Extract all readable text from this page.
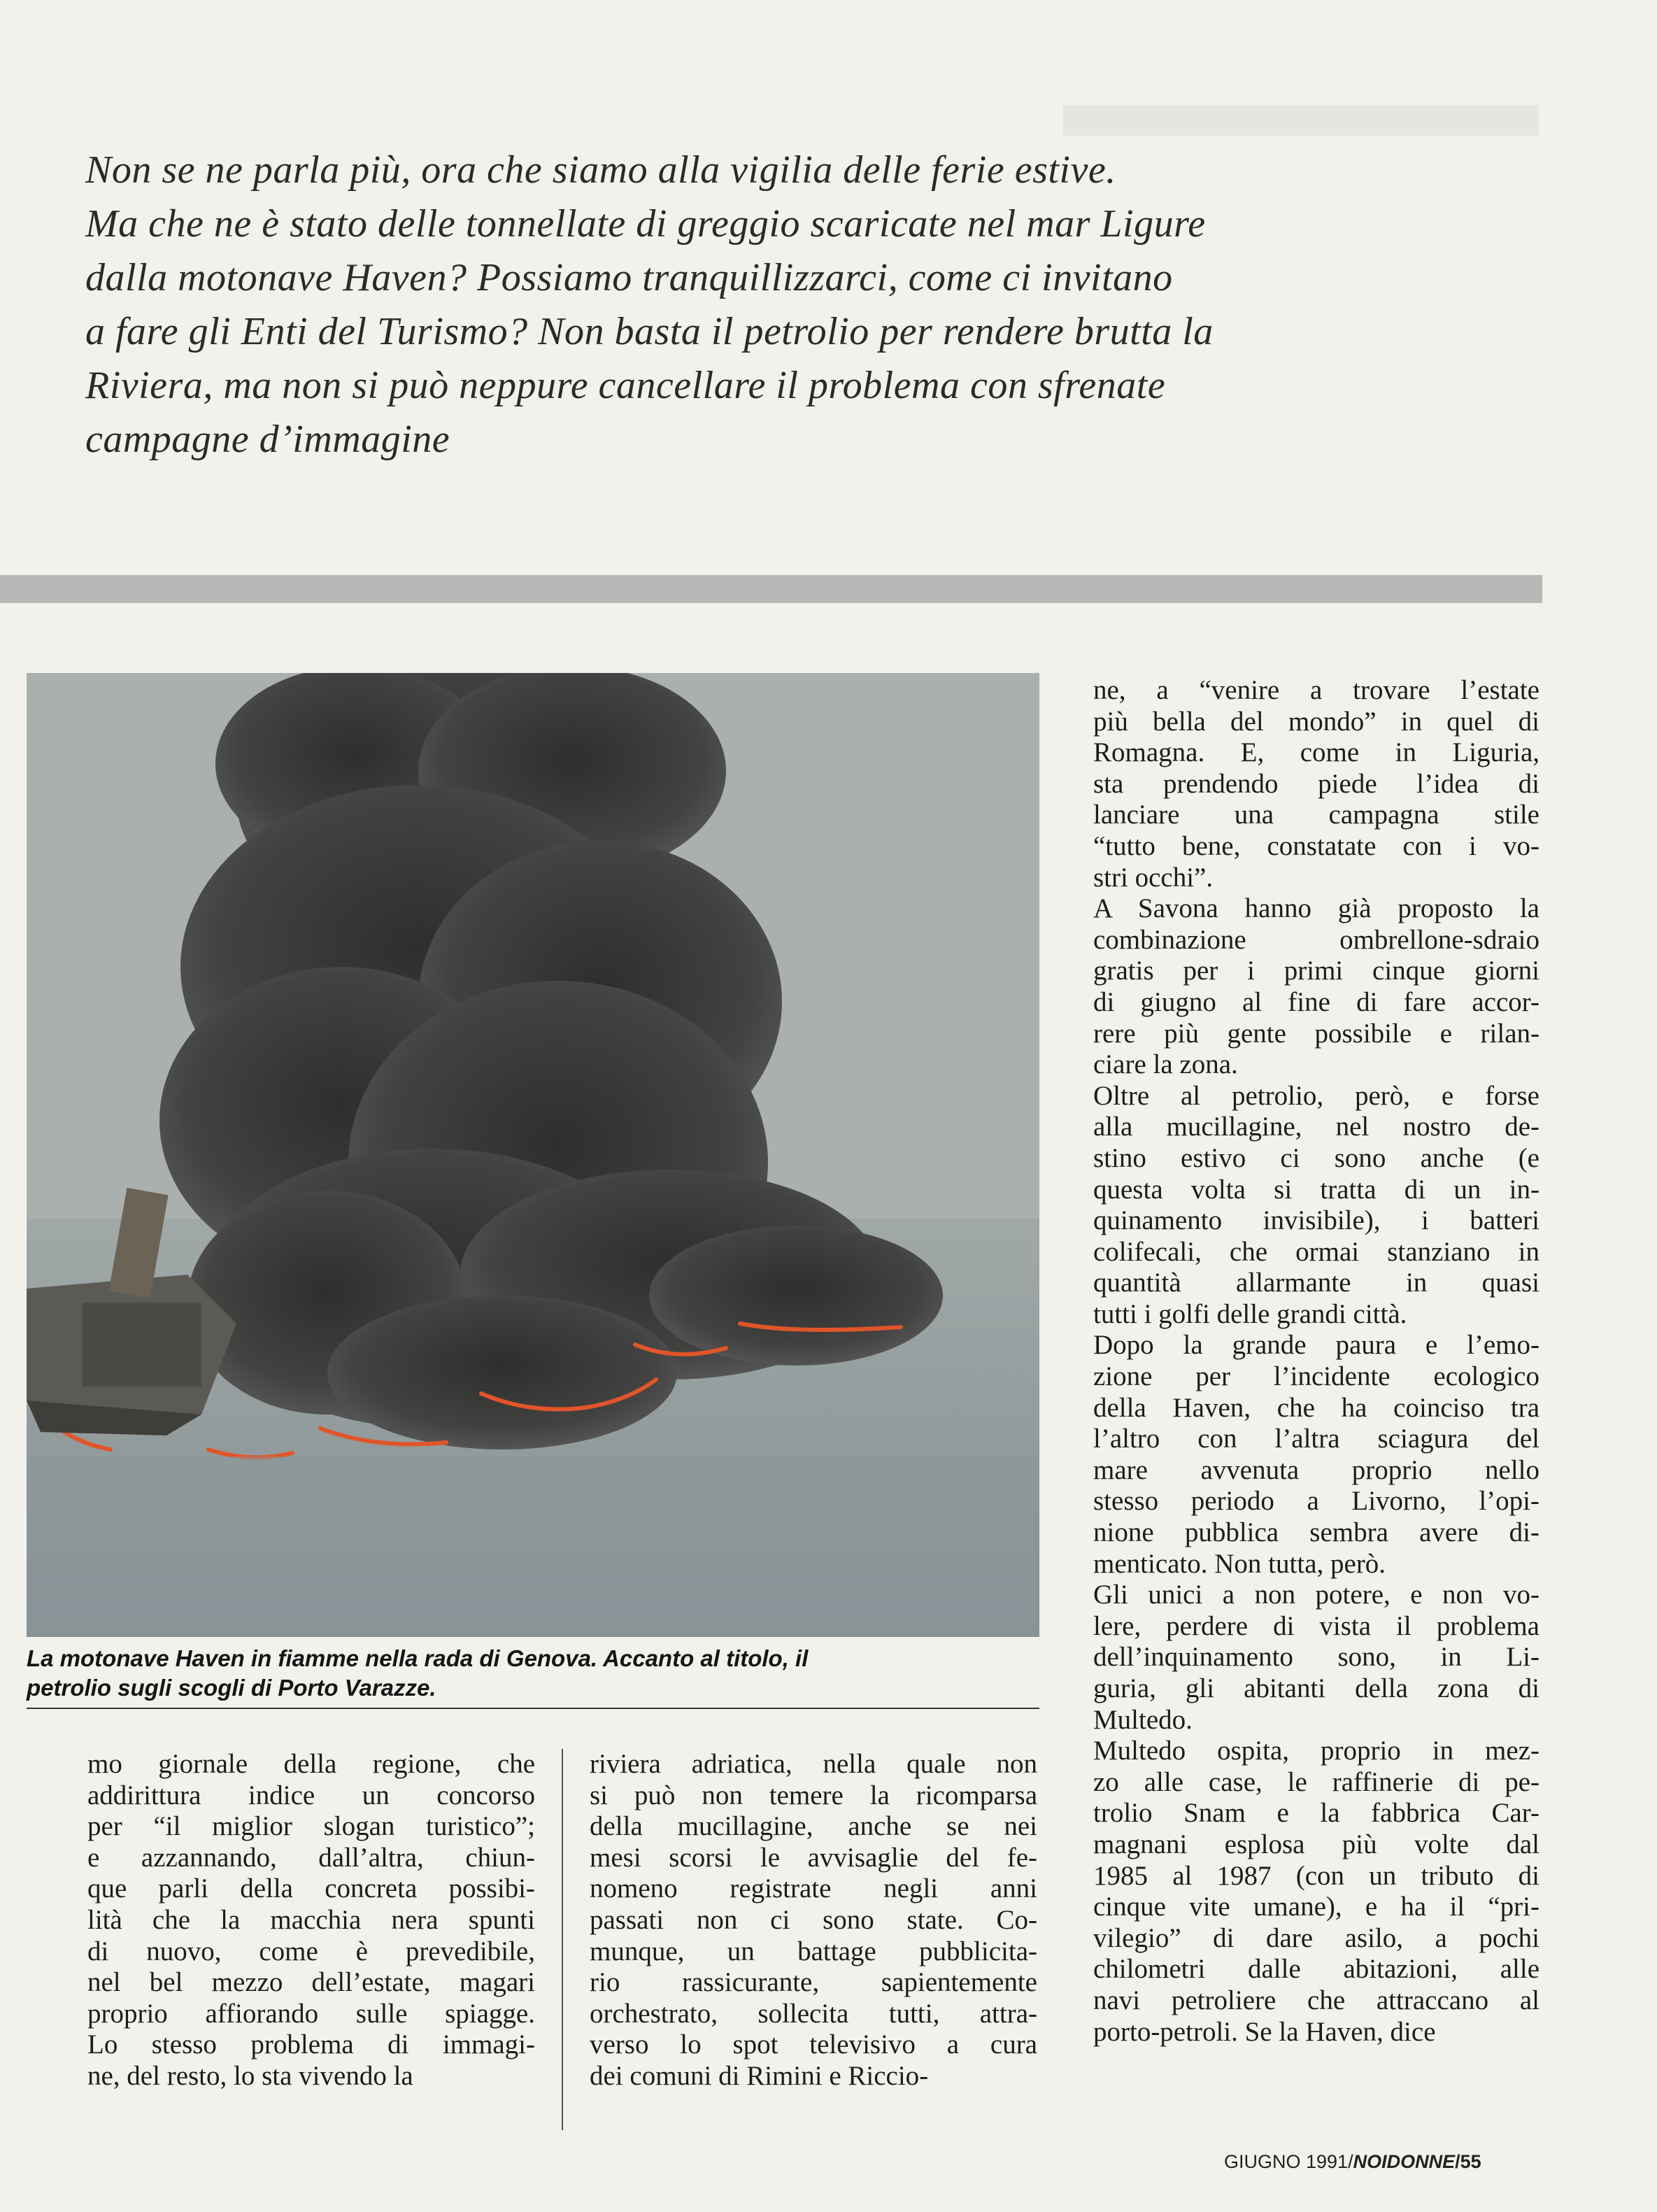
Non se ne parla più, ora che siamo alla vigilia delle ferie estive.
Ma che ne è stato delle tonnellate di greggio scaricate nel mar Ligure
dalla motonave Haven? Possiamo tranquillizzarci, come ci invitano
a fare gli Enti del Turismo? Non basta il petrolio per rendere brutta la
Riviera, ma non si può neppure cancellare il problema con sfrenate
campagne d’immagine
La motonave Haven in fiamme nella rada di Genova. Accanto al titolo, il
petrolio sugli scogli di Porto Varazze.
mo giornale della regione, che
addirittura indice un concorso
per “il miglior slogan turistico”;
e azzannando, dall’altra, chiun-
que parli della concreta possibi-
lità che la macchia nera spunti
di nuovo, come è prevedibile,
nel bel mezzo dell’estate, magari
proprio affiorando sulle spiagge.
Lo stesso problema di immagi-
ne, del resto, lo sta vivendo la
riviera adriatica, nella quale non
si può non temere la ricomparsa
della mucillagine, anche se nei
mesi scorsi le avvisaglie del fe-
nomeno registrate negli anni
passati non ci sono state. Co-
munque, un battage pubblicita-
rio rassicurante, sapientemente
orchestrato, sollecita tutti, attra-
verso lo spot televisivo a cura
dei comuni di Rimini e Riccio-
ne, a “venire a trovare l’estate
più bella del mondo” in quel di
Romagna. E, come in Liguria,
sta prendendo piede l’idea di
lanciare una campagna stile
“tutto bene, constatate con i vo-
stri occhi”.
A Savona hanno già proposto la
combinazione ombrellone-sdraio
gratis per i primi cinque giorni
di giugno al fine di fare accor-
rere più gente possibile e rilan-
ciare la zona.
Oltre al petrolio, però, e forse
alla mucillagine, nel nostro de-
stino estivo ci sono anche (e
questa volta si tratta di un in-
quinamento invisibile), i batteri
colifecali, che ormai stanziano in
quantità allarmante in quasi
tutti i golfi delle grandi città.
Dopo la grande paura e l’emo-
zione per l’incidente ecologico
della Haven, che ha coinciso tra
l’altro con l’altra sciagura del
mare avvenuta proprio nello
stesso periodo a Livorno, l’opi-
nione pubblica sembra avere di-
menticato. Non tutta, però.
Gli unici a non potere, e non vo-
lere, perdere di vista il problema
dell’inquinamento sono, in Li-
guria, gli abitanti della zona di
Multedo.
Multedo ospita, proprio in mez-
zo alle case, le raffinerie di pe-
trolio Snam e la fabbrica Car-
magnani esplosa più volte dal
1985 al 1987 (con un tributo di
cinque vite umane), e ha il “pri-
vilegio” di dare asilo, a pochi
chilometri dalle abitazioni, alle
navi petroliere che attraccano al
porto-petroli. Se la Haven, dice
GIUGNO 1991/NOIDONNE/55
